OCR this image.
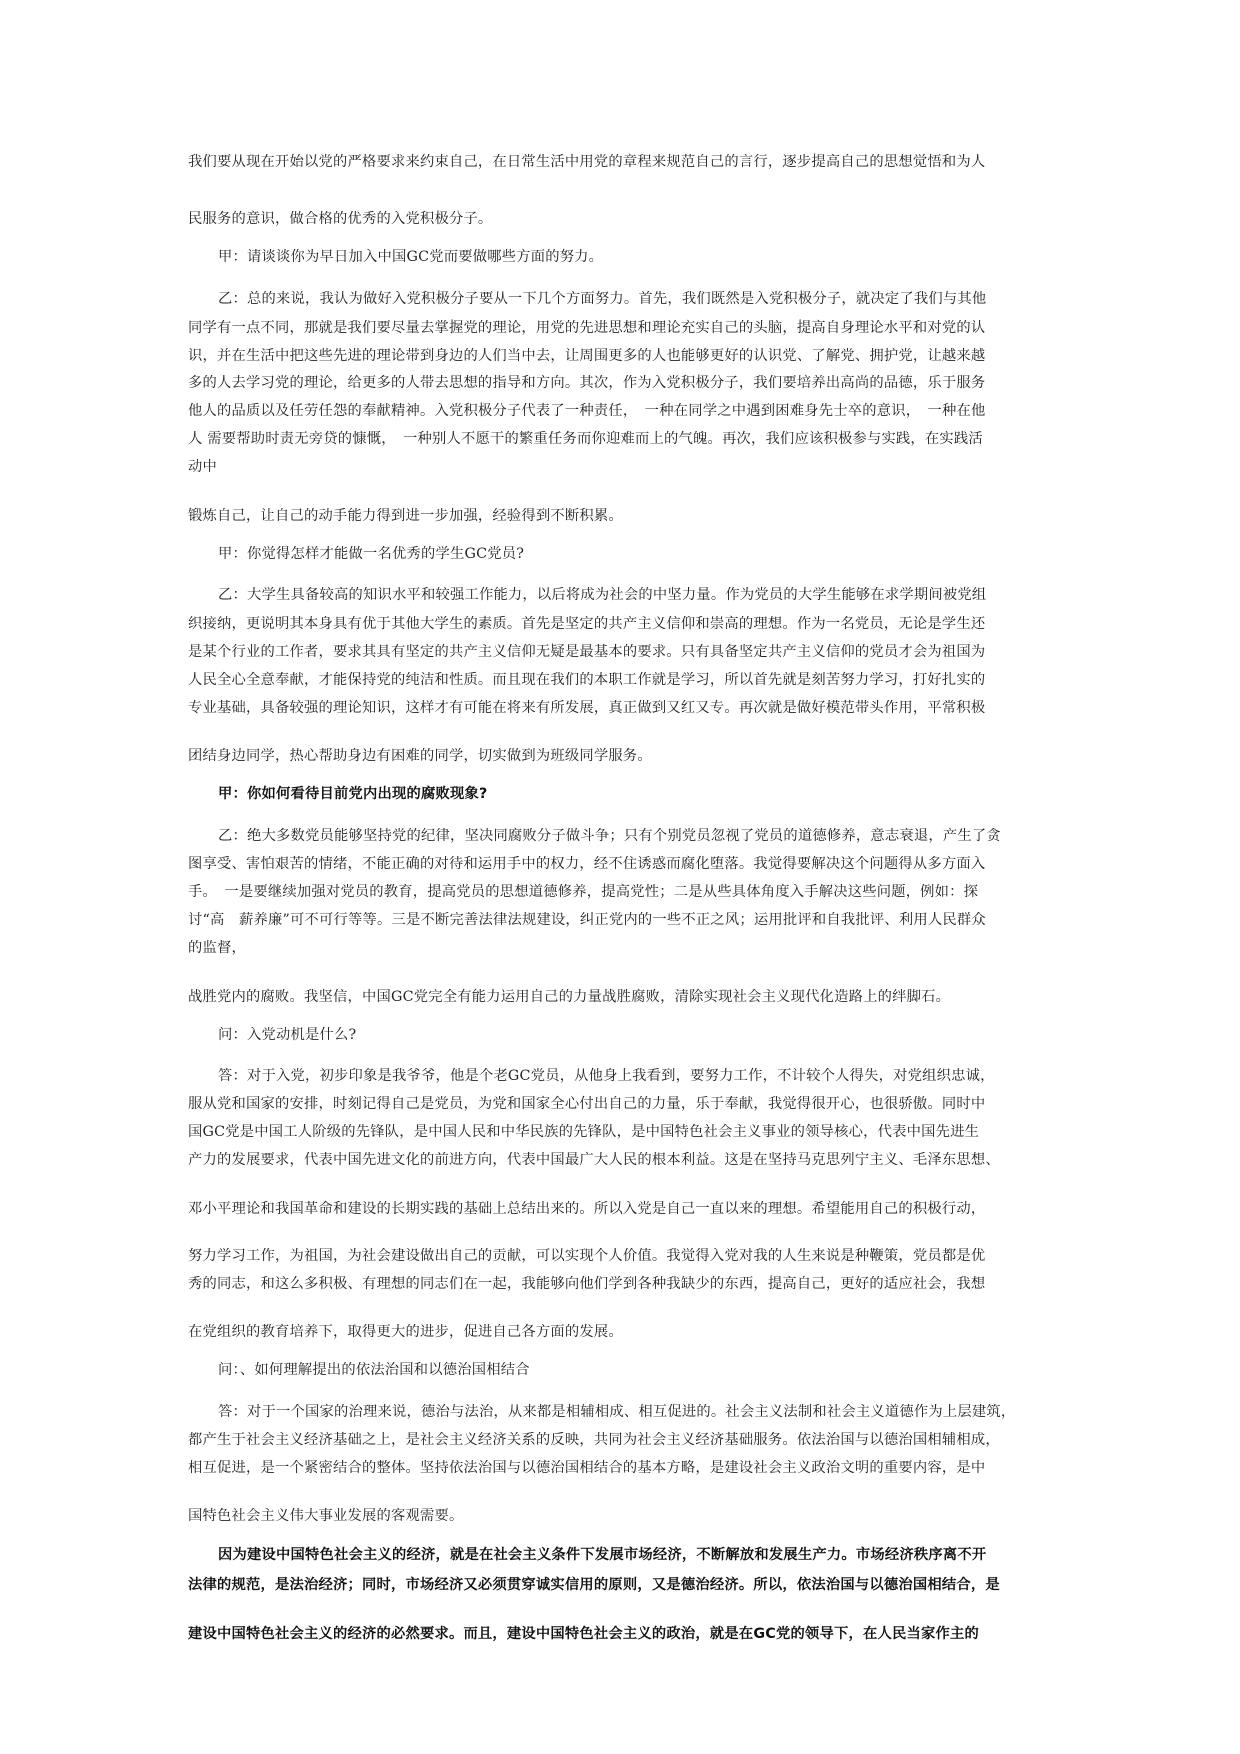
我们要从现在开始以党的严格要求来约束自己，在日常生活中用党的章程来规范自己的言行，逐步提高自己的思想觉悟和为人

民服务的意识，做合格的优秀的入党积极分子。

甲：请谈谈你为早日加入中国GC党而要做哪些方面的努力。

乙：总的来说，我认为做好入党积极分子要从一下几个方面努力。首先，我们既然是入党积极分子，就决定了我们与其他

同学有一点不同，那就是我们要尽量去掌握党的理论，用党的先进思想和理论充实自己的头脑，提高自身理论水平和对党的认

识，并在生活中把这些先进的理论带到身边的人们当中去，让周围更多的人也能够更好的认识党、了解党、拥护党，让越来越

多的人去学习党的理论，给更多的人带去思想的指导和方向。其次，作为入党积极分子，我们要培养出高尚的品德，乐于服务

他人的品质以及任劳任怨的奉献精神。入党积极分子代表了一种责任，　一种在同学之中遇到困难身先士卒的意识，　一种在他

人 需要帮助时责无旁贷的慷慨，　一种别人不愿干的繁重任务而你迎难而上的气魄。再次，我们应该积极参与实践，在实践活

动中

锻炼自己，让自己的动手能力得到进一步加强，经验得到不断积累。

甲：你觉得怎样才能做一名优秀的学生GC党员?

乙：大学生具备较高的知识水平和较强工作能力，以后将成为社会的中坚力量。作为党员的大学生能够在求学期间被党组

织接纳，更说明其本身具有优于其他大学生的素质。首先是坚定的共产主义信仰和崇高的理想。作为一名党员，无论是学生还

是某个行业的工作者，要求其具有坚定的共产主义信仰无疑是最基本的要求。只有具备坚定共产主义信仰的党员才会为祖国为

人民全心全意奉献，才能保持党的纯洁和性质。而且现在我们的本职工作就是学习，所以首先就是刻苦努力学习，打好扎实的

专业基础，具备较强的理论知识，这样才有可能在将来有所发展，真正做到又红又专。再次就是做好模范带头作用，平常积极

团结身边同学，热心帮助身边有困难的同学，切实做到为班级同学服务。

甲：你如何看待目前党内出现的腐败现象?

乙：绝大多数党员能够坚持党的纪律，坚决同腐败分子做斗争；只有个别党员忽视了党员的道德修养，意志衰退，产生了贪

图享受、害怕艰苦的情绪，不能正确的对待和运用手中的权力，经不住诱惑而腐化堕落。我觉得要解决这个问题得从多方面入

手。　一是要继续加强对党员的教育，提高党员的思想道德修养，提高党性；二是从些具体角度入手解决这些问题，例如：探

讨“高　薪养廉”可不可行等等。三是不断完善法律法规建设，纠正党内的一些不正之风；运用批评和自我批评、利用人民群众

的监督，

战胜党内的腐败。我坚信，中国GC党完全有能力运用自己的力量战胜腐败，清除实现社会主义现代化造路上的绊脚石。

问：入党动机是什么?

答：对于入党，初步印象是我爷爷，他是个老GC党员，从他身上我看到，要努力工作，不计较个人得失，对党组织忠诚，

服从党和国家的安排，时刻记得自己是党员，为党和国家全心付出自己的力量，乐于奉献，我觉得很开心，也很骄傲。同时中

国GC党是中国工人阶级的先锋队，是中国人民和中华民族的先锋队，是中国特色社会主义事业的领导核心，代表中国先进生

产力的发展要求，代表中国先进文化的前进方向，代表中国最广大人民的根本利益。这是在坚持马克思列宁主义、毛泽东思想、

邓小平理论和我国革命和建设的长期实践的基础上总结出来的。所以入党是自己一直以来的理想。希望能用自己的积极行动，

努力学习工作，为祖国，为社会建设做出自己的贡献，可以实现个人价值。我觉得入党对我的人生来说是种鞭策，党员都是优

秀的同志，和这么多积极、有理想的同志们在一起，我能够向他们学到各种我缺少的东西，提高自己，更好的适应社会，我想

在党组织的教育培养下，取得更大的进步，促进自己各方面的发展。

问：、如何理解提出的依法治国和以德治国相结合

答：对于一个国家的治理来说，德治与法治，从来都是相辅相成、相互促进的。社会主义法制和社会主义道德作为上层建筑，

都产生于社会主义经济基础之上，是社会主义经济关系的反映，共同为社会主义经济基础服务。依法治国与以德治国相辅相成，

相互促进，是一个紧密结合的整体。坚持依法治国与以德治国相结合的基本方略，是建设社会主义政治文明的重要内容，是中

国特色社会主义伟大事业发展的客观需要。

因为建设中国特色社会主义的经济，就是在社会主义条件下发展市场经济，不断解放和发展生产力。市场经济秩序离不开

法律的规范，是法治经济；同时，市场经济又必须贯穿诚实信用的原则，又是德治经济。所以，依法治国与以德治国相结合，是

建设中国特色社会主义的经济的必然要求。而且，建设中国特色社会主义的政治，就是在GC党的领导下，在人民当家作主的
